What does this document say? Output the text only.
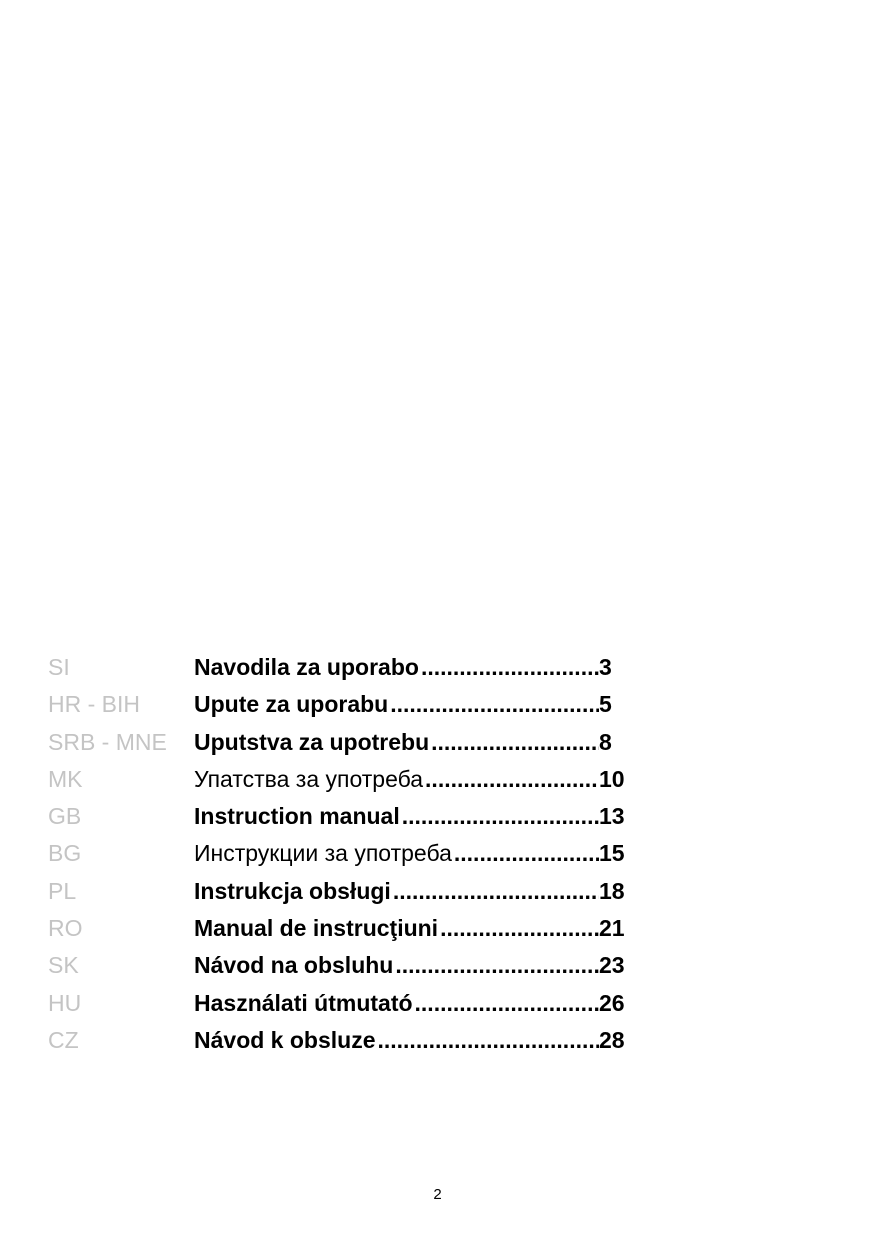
SI	Navodila za uporabo .....	3
HR - BIH	Upute za uporabu .....	5
SRB - MNE	Uputstva za upotrebu .....	8
MK	Упатства за употреба .....	10
GB	Instruction manual .....	13
BG	Инструкции за употреба .....	15
PL	Instrukcja obsługi .....	18
RO	Manual de instrucţiuni .....	21
SK	Návod na obsluhu .....	23
HU	Használati útmutató .....	26
CZ	Návod k obsluze .....	28
2
